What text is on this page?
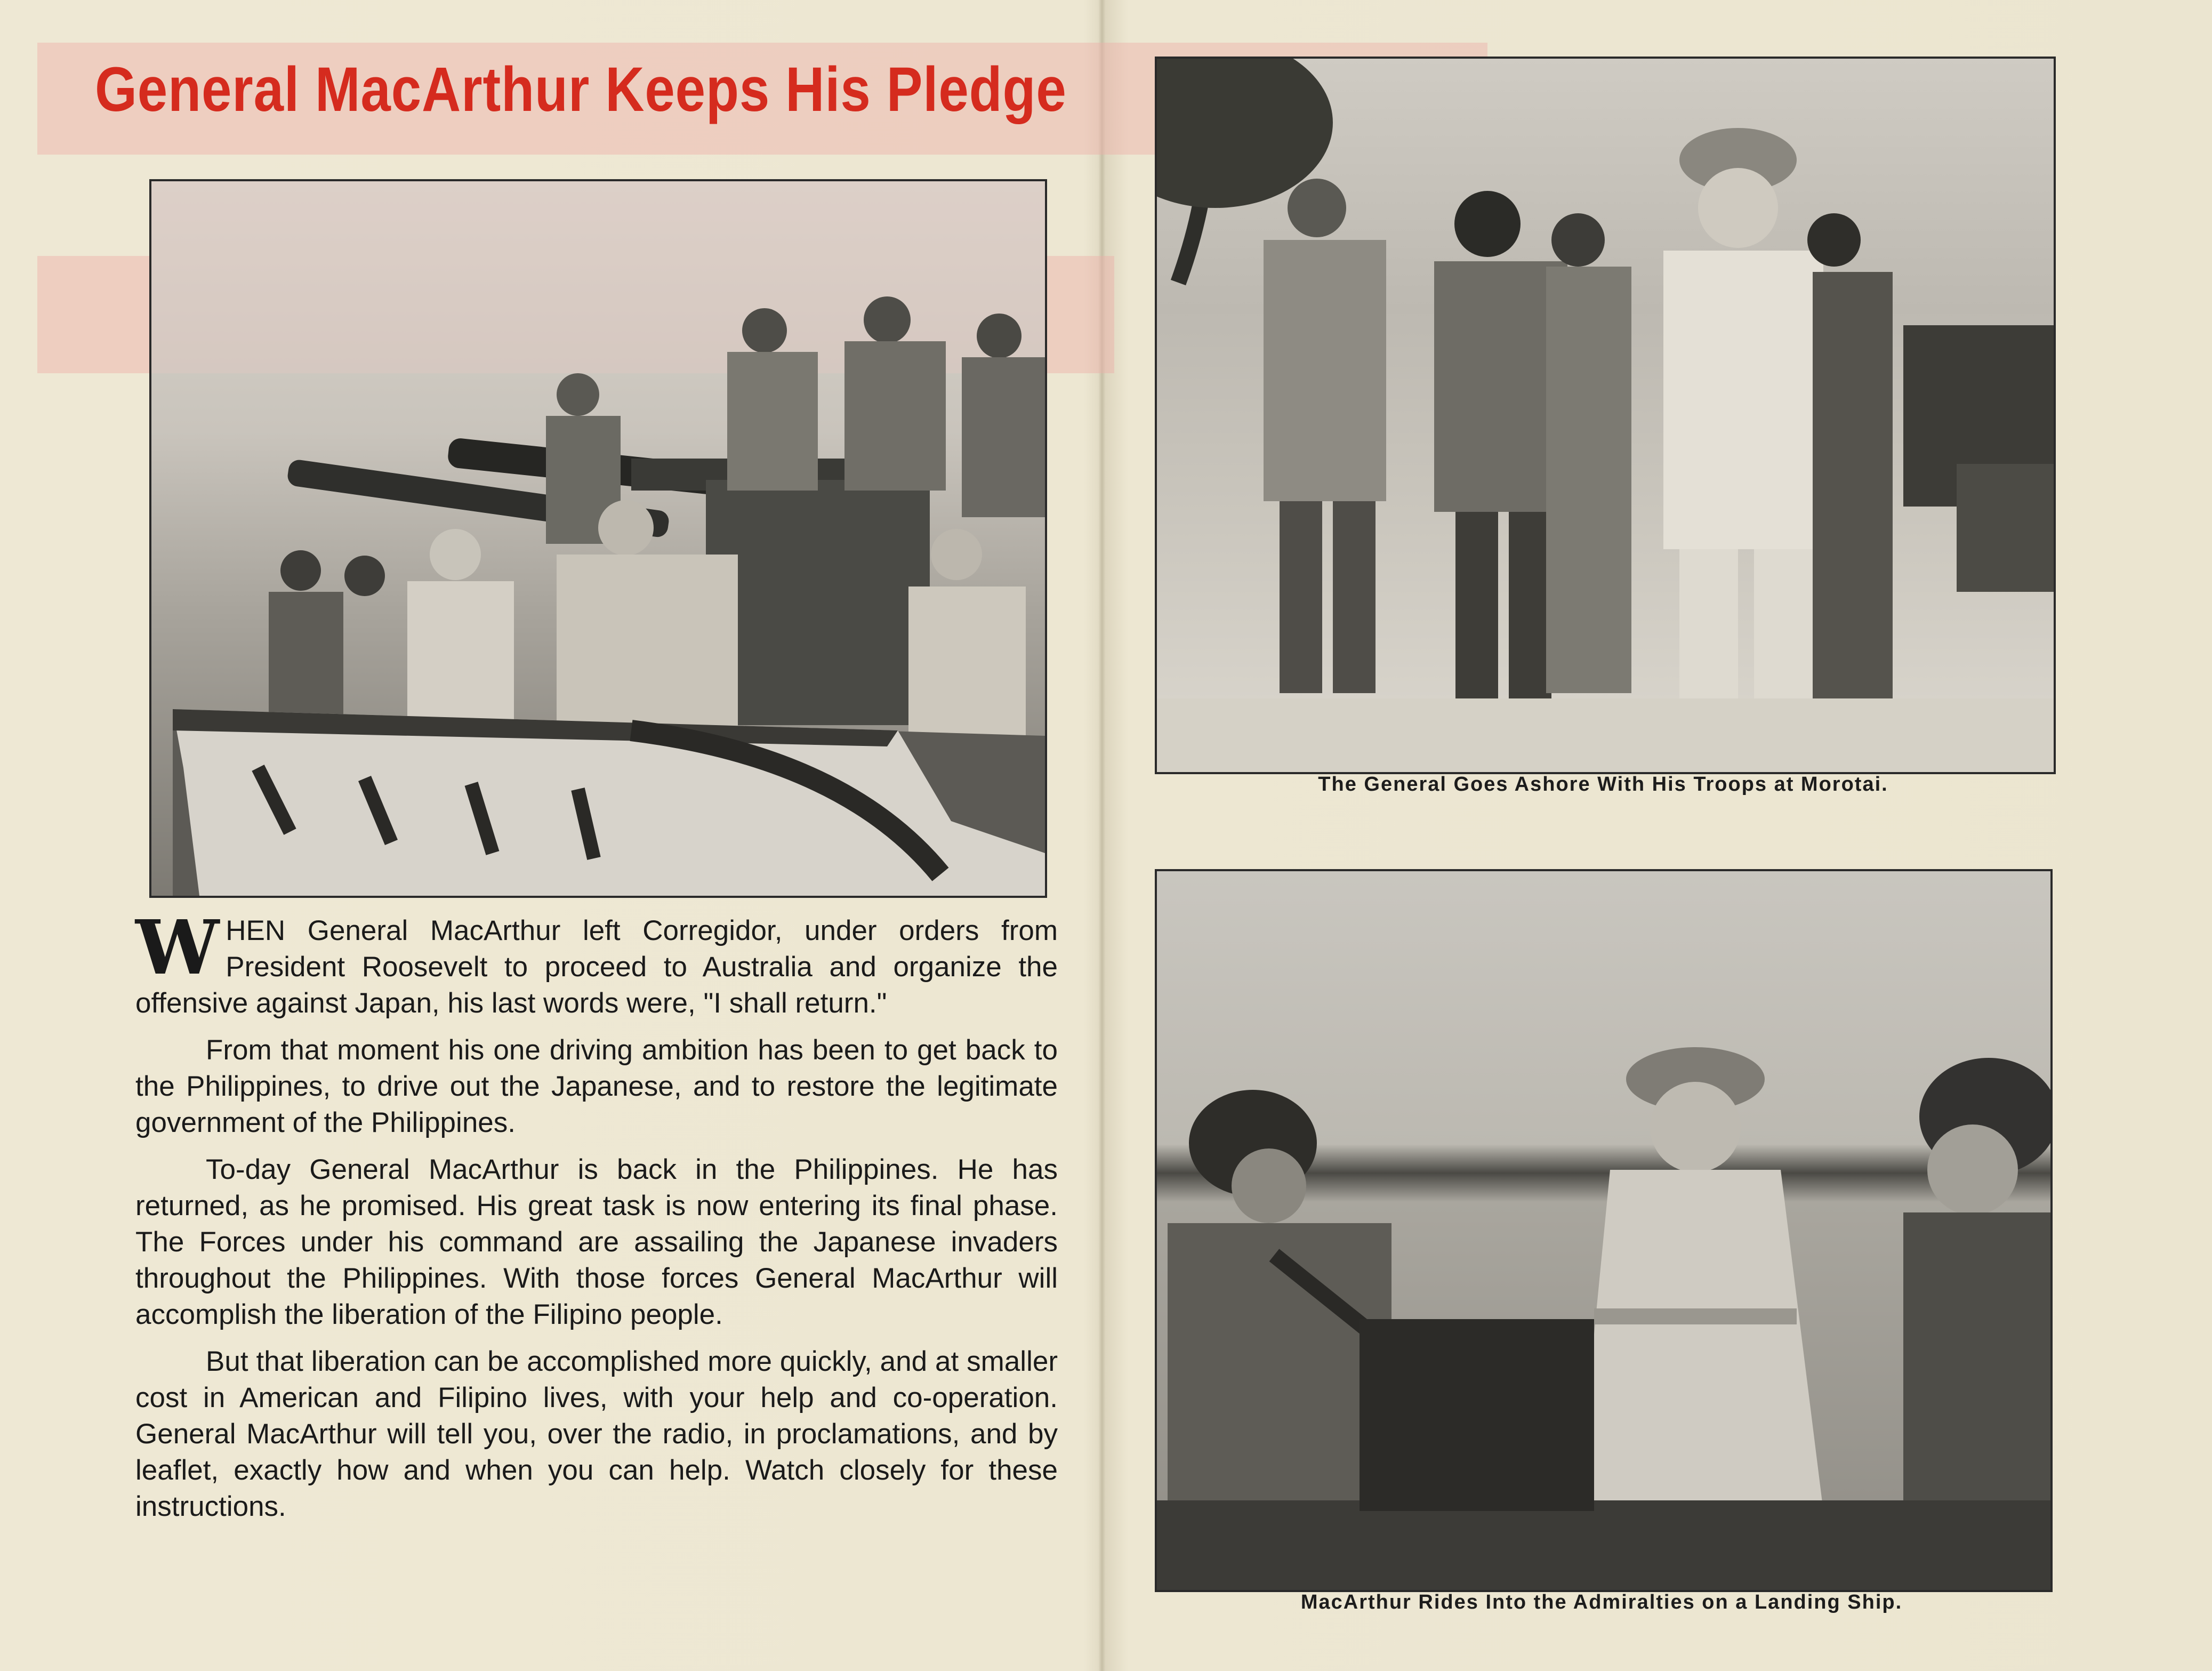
General MacArthur Keeps His Pledge
The General Goes Ashore With His Troops at Morotai.
MacArthur Rides Into the Admiralties on a Landing Ship.

WHEN General MacArthur left Corregidor, under orders from President Roosevelt to proceed to Australia and organize the offensive against Japan, his last words were, "I shall return."

From that moment his one driving ambition has been to get back to the Philippines, to drive out the Japanese, and to restore the legitimate government of the Philippines.

To-day General MacArthur is back in the Philippines. He has returned, as he promised. His great task is now entering its final phase. The Forces under his command are assailing the Japanese invaders throughout the Philippines. With those forces General MacArthur will accomplish the liberation of the Filipino people.

But that liberation can be accomplished more quickly, and at smaller cost in American and Filipino lives, with your help and co-operation. General MacArthur will tell you, over the radio, in proclamations, and by leaflet, exactly how and when you can help. Watch closely for these instructions.
